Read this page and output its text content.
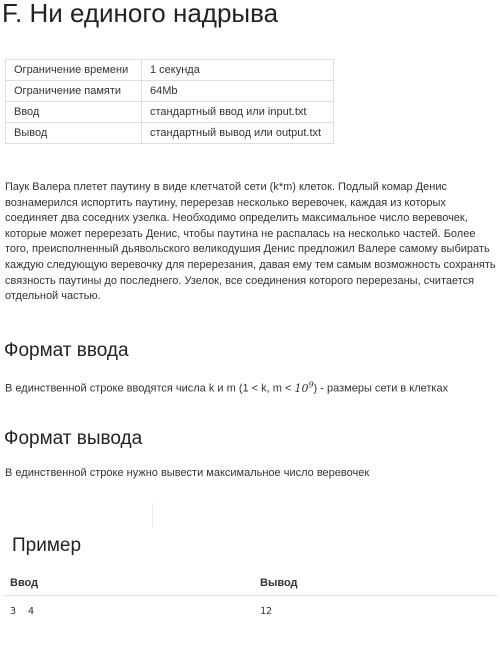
F. Ни единого надрыва
Ограничение времени	1 секунда
Ограничение памяти	64Mb
Ввод	стандартный ввод или input.txt
Вывод	стандартный вывод или output.txt

Паук Валера плетет паутину в виде клетчатой сети (k*m) клеток. Подлый комар Денис вознамерился испортить паутину, перерезав несколько веревочек, каждая из которых соединяет два соседних узелка. Необходимо определить максимальное число веревочек, которые может перерезать Денис, чтобы паутина не распалась на несколько частей. Более того, преисполненный дьявольского великодушия Денис предложил Валере самому выбирать каждую следующую веревочку для перерезания, давая ему тем самым возможность сохранять связность паутины до последнего. Узелок, все соединения которого перерезаны, считается отдельной частью.

Формат ввода

В единственной строке вводятся числа k и m (1 < k, $m < 10^9$) - размеры сети в клетках

Формат вывода

В единственной строке нужно вывести максимальное число веревочек

Пример
Ввод	Вывод
3  4	12
